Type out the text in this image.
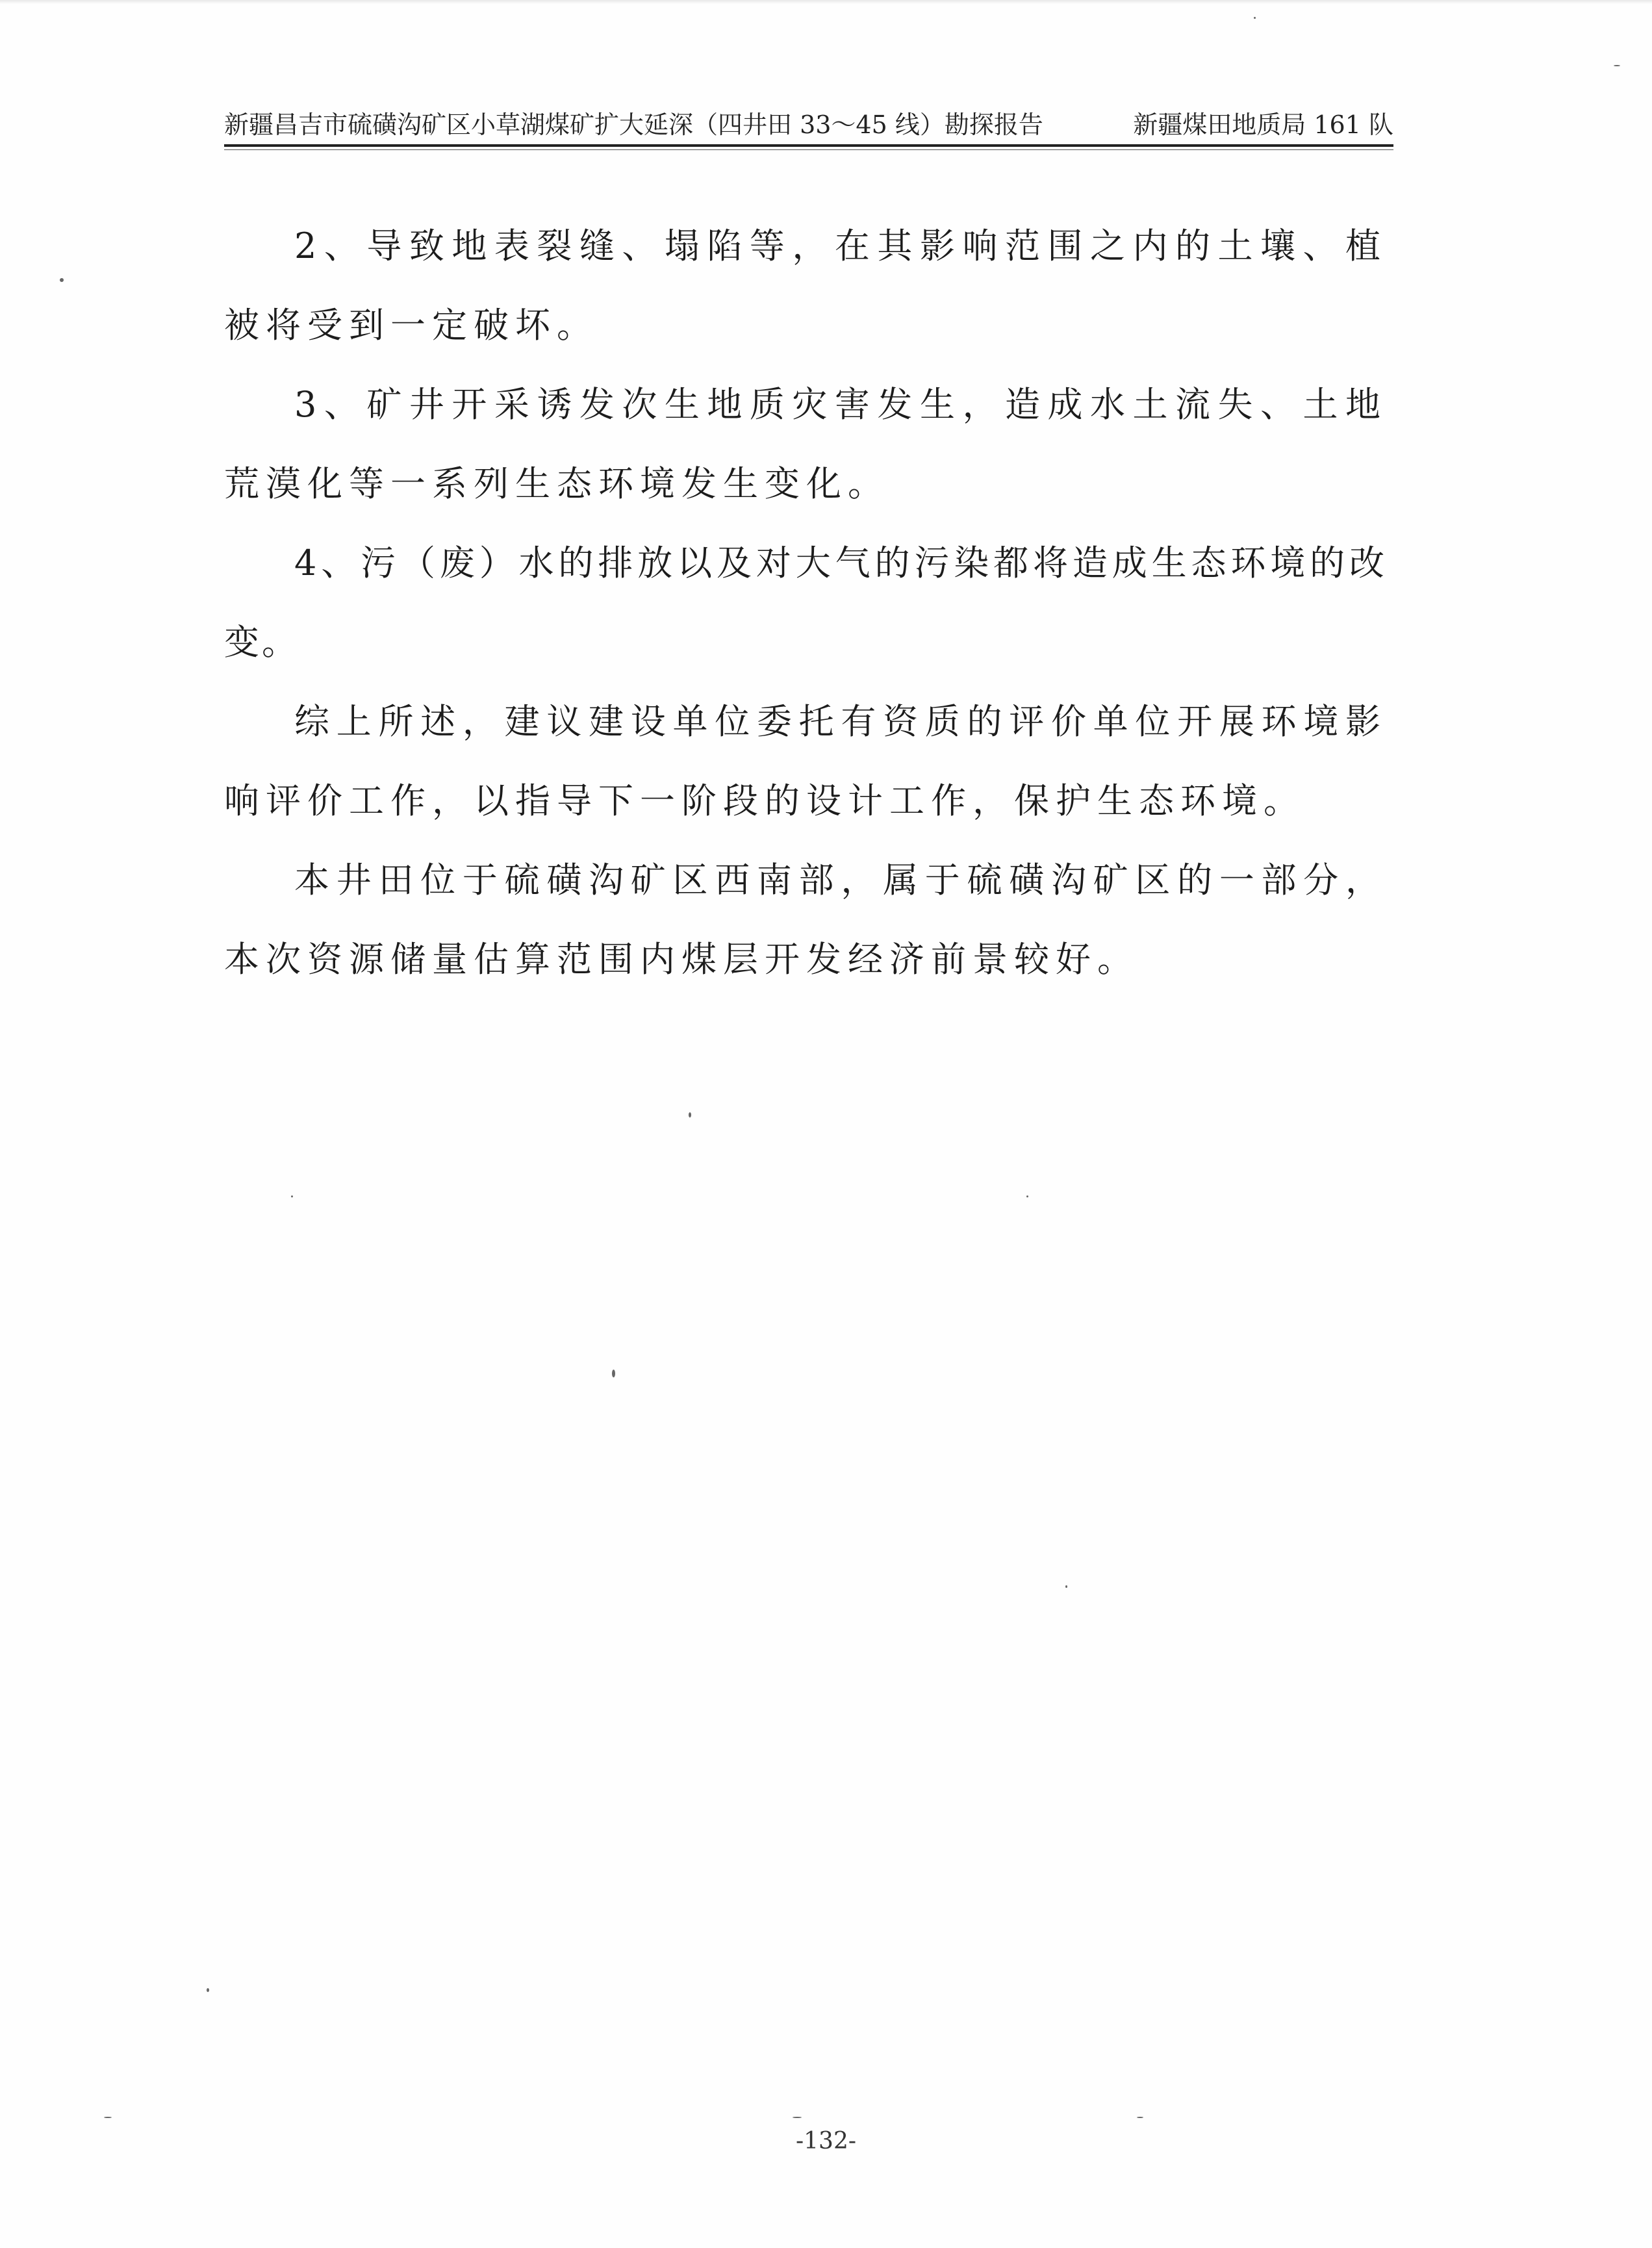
新疆昌吉市硫磺沟矿区小草湖煤矿扩大延深（四井田 33～45 线）勘探报告	新疆煤田地质局 161 队

2、导致地表裂缝、塌陷等，在其影响范围之内的土壤、植被将受到一定破坏。

3、矿井开采诱发次生地质灾害发生，造成水土流失、土地荒漠化等一系列生态环境发生变化。

4、污（废）水的排放以及对大气的污染都将造成生态环境的改变。

综上所述，建议建设单位委托有资质的评价单位开展环境影响评价工作，以指导下一阶段的设计工作，保护生态环境。

本井田位于硫磺沟矿区西南部，属于硫磺沟矿区的一部分，本次资源储量估算范围内煤层开发经济前景较好。

-132-
